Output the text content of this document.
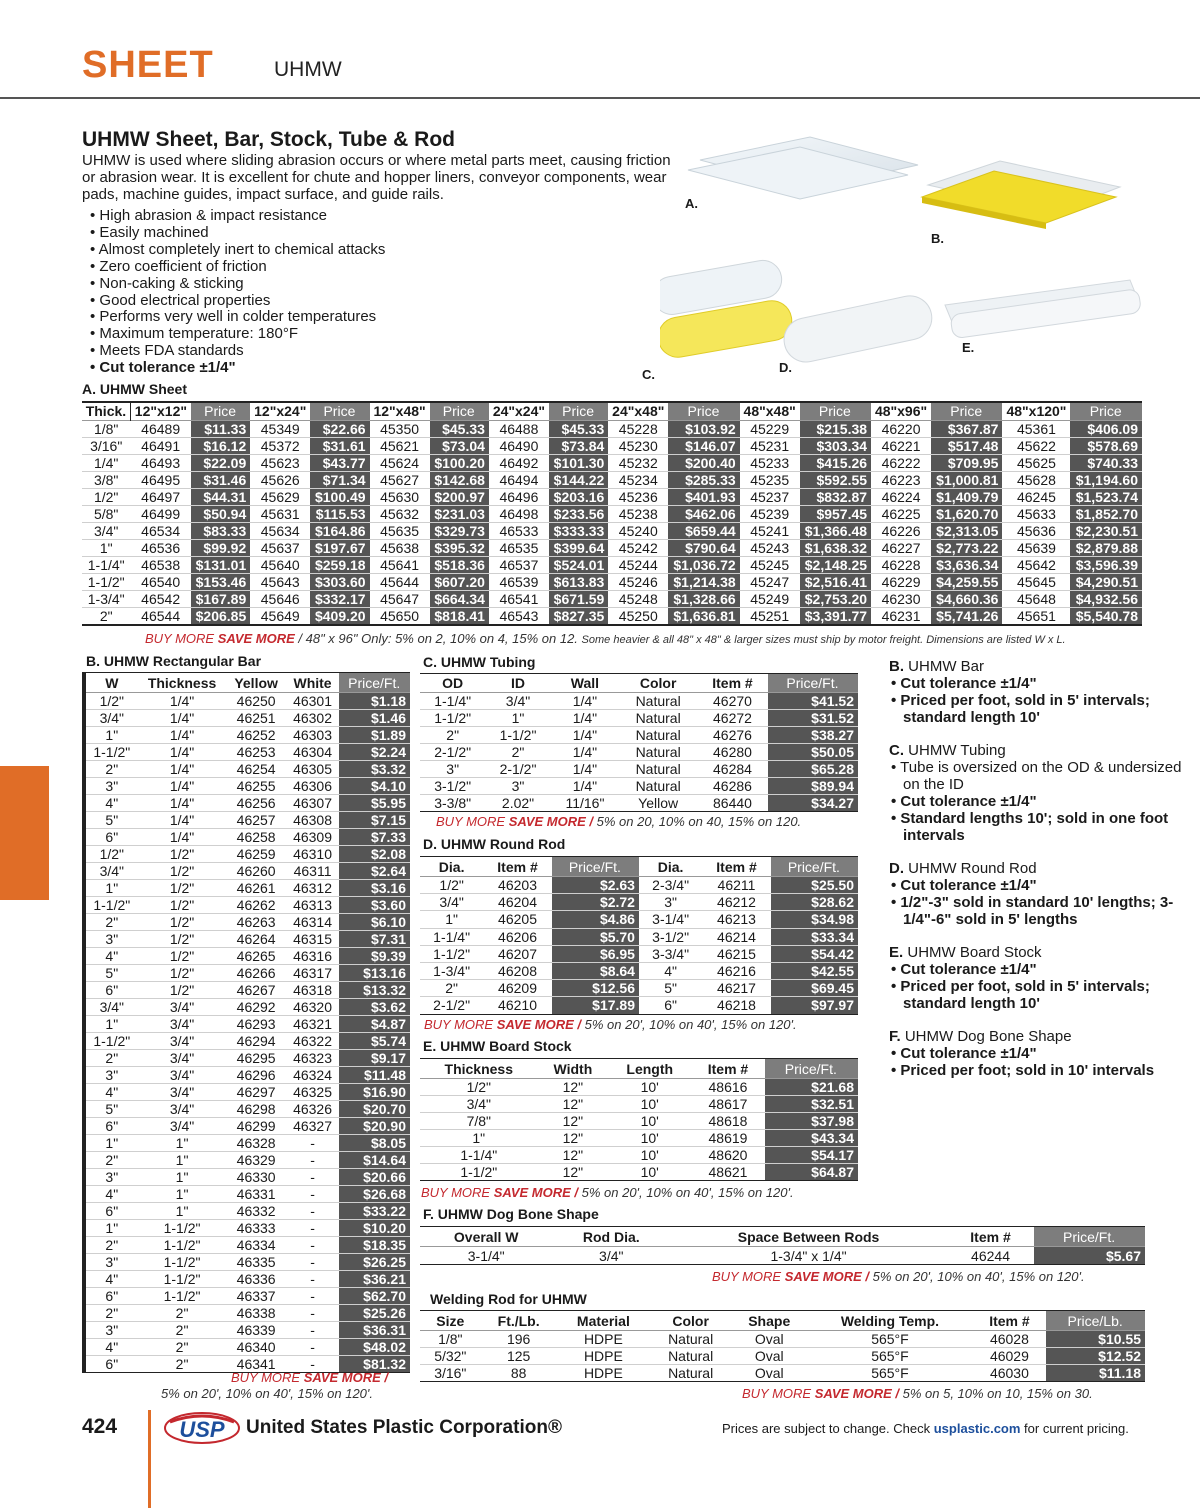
SHEET	UHMW
UHMW Sheet, Bar, Stock, Tube & Rod
UHMW is used where sliding abrasion occurs or where metal parts meet, causing friction or abrasion wear. It is excellent for chute and hopper liners, conveyor components, wear pads, machine guides, impact surface, and guide rails.
• High abrasion & impact resistance
• Easily machined
• Almost completely inert to chemical attacks
• Zero coefficient of friction
• Non-caking & sticking
• Good electrical properties
• Performs very well in colder temperatures
• Maximum temperature: 180°F
• Meets FDA standards
• Cut tolerance ±1/4"
A.
B.
C.	D.
E.
A. UHMW Sheet
Thick.	12"x12"	Price	12"x24"	Price	12"x48"	Price	24"x24"	Price	24"x48"	Price	48"x48"	Price	48"x96"	Price	48"x120"	Price
1/8"	46489	$11.33	45349	$22.66	45350	$45.33	46488	$45.33	45228	$103.92	45229	$215.38	46220	$367.87	45361	$406.09
3/16"	46491	$16.12	45372	$31.61	45621	$73.04	46490	$73.84	45230	$146.07	45231	$303.34	46221	$517.48	45622	$578.69
1/4"	46493	$22.09	45623	$43.77	45624	$100.20	46492	$101.30	45232	$200.40	45233	$415.26	46222	$709.95	45625	$740.33
3/8"	46495	$31.46	45626	$71.34	45627	$142.68	46494	$144.22	45234	$285.33	45235	$592.55	46223	$1,000.81	45628	$1,194.60
1/2"	46497	$44.31	45629	$100.49	45630	$200.97	46496	$203.16	45236	$401.93	45237	$832.87	46224	$1,409.79	46245	$1,523.74
5/8"	46499	$50.94	45631	$115.53	45632	$231.03	46498	$233.56	45238	$462.06	45239	$957.45	46225	$1,620.70	45633	$1,852.70
3/4"	46534	$83.33	45634	$164.86	45635	$329.73	46533	$333.33	45240	$659.44	45241	$1,366.48	46226	$2,313.05	45636	$2,230.51
1"	46536	$99.92	45637	$197.67	45638	$395.32	46535	$399.64	45242	$790.64	45243	$1,638.32	46227	$2,773.22	45639	$2,879.88
1-1/4"	46538	$131.01	45640	$259.18	45641	$518.36	46537	$524.01	45244	$1,036.72	45245	$2,148.25	46228	$3,636.34	45642	$3,596.39
1-1/2"	46540	$153.46	45643	$303.60	45644	$607.20	46539	$613.83	45246	$1,214.38	45247	$2,516.41	46229	$4,259.55	45645	$4,290.51
1-3/4"	46542	$167.89	45646	$332.17	45647	$664.34	46541	$671.59	45248	$1,328.66	45249	$2,753.20	46230	$4,660.36	45648	$4,932.56
2"	46544	$206.85	45649	$409.20	45650	$818.41	46543	$827.35	45250	$1,636.81	45251	$3,391.77	46231	$5,741.26	45651	$5,540.78
BUY MORE SAVE MORE / 48" x 96" Only: 5% on 2, 10% on 4, 15% on 12. Some heavier & all 48" x 48" & larger sizes must ship by motor freight. Dimensions are listed W x L.
B. UHMW Rectangular Bar
W	Thickness	Yellow	White	Price/Ft.
1/2"	1/4"	46250	46301	$1.18
3/4"	1/4"	46251	46302	$1.46
1"	1/4"	46252	46303	$1.89
1-1/2"	1/4"	46253	46304	$2.24
2"	1/4"	46254	46305	$3.32
3"	1/4"	46255	46306	$4.10
4"	1/4"	46256	46307	$5.95
5"	1/4"	46257	46308	$7.15
6"	1/4"	46258	46309	$7.33
1/2"	1/2"	46259	46310	$2.08
3/4"	1/2"	46260	46311	$2.64
1"	1/2"	46261	46312	$3.16
1-1/2"	1/2"	46262	46313	$3.60
2"	1/2"	46263	46314	$6.10
3"	1/2"	46264	46315	$7.31
4"	1/2"	46265	46316	$9.39
5"	1/2"	46266	46317	$13.16
6"	1/2"	46267	46318	$13.32
3/4"	3/4"	46292	46320	$3.62
1"	3/4"	46293	46321	$4.87
1-1/2"	3/4"	46294	46322	$5.74
2"	3/4"	46295	46323	$9.17
3"	3/4"	46296	46324	$11.48
4"	3/4"	46297	46325	$16.90
5"	3/4"	46298	46326	$20.70
6"	3/4"	46299	46327	$20.90
1"	1"	46328	-	$8.05
2"	1"	46329	-	$14.64
3"	1"	46330	-	$20.66
4"	1"	46331	-	$26.68
6"	1"	46332	-	$33.22
1"	1-1/2"	46333	-	$10.20
2"	1-1/2"	46334	-	$18.35
3"	1-1/2"	46335	-	$26.25
4"	1-1/2"	46336	-	$36.21
6"	1-1/2"	46337	-	$62.70
2"	2"	46338	-	$25.26
3"	2"	46339	-	$36.31
4"	2"	46340	-	$48.02
6"	2"	46341	-	$81.32
BUY MORE SAVE MORE /
5% on 20', 10% on 40', 15% on 120'.
C. UHMW Tubing
OD	ID	Wall	Color	Item #	Price/Ft.
1-1/4"	3/4"	1/4"	Natural	46270	$41.52
1-1/2"	1"	1/4"	Natural	46272	$31.52
2"	1-1/2"	1/4"	Natural	46276	$38.27
2-1/2"	2"	1/4"	Natural	46280	$50.05
3"	2-1/2"	1/4"	Natural	46284	$65.28
3-1/2"	3"	1/4"	Natural	46286	$89.94
3-3/8"	2.02"	11/16"	Yellow	86440	$34.27
BUY MORE SAVE MORE / 5% on 20, 10% on 40, 15% on 120.
D. UHMW Round Rod
Dia.	Item #	Price/Ft.	Dia.	Item #	Price/Ft.
1/2"	46203	$2.63	2-3/4"	46211	$25.50
3/4"	46204	$2.72	3"	46212	$28.62
1"	46205	$4.86	3-1/4"	46213	$34.98
1-1/4"	46206	$5.70	3-1/2"	46214	$33.34
1-1/2"	46207	$6.95	3-3/4"	46215	$54.42
1-3/4"	46208	$8.64	4"	46216	$42.55
2"	46209	$12.56	5"	46217	$69.45
2-1/2"	46210	$17.89	6"	46218	$97.97
BUY MORE SAVE MORE / 5% on 20', 10% on 40', 15% on 120'.
E. UHMW Board Stock
Thickness	Width	Length	Item #	Price/Ft.
1/2"	12"	10'	48616	$21.68
3/4"	12"	10'	48617	$32.51
7/8"	12"	10'	48618	$37.98
1"	12"	10'	48619	$43.34
1-1/4"	12"	10'	48620	$54.17
1-1/2"	12"	10'	48621	$64.87
BUY MORE SAVE MORE / 5% on 20', 10% on 40', 15% on 120'.
F. UHMW Dog Bone Shape
Overall W	Rod Dia.	Space Between Rods	Item #	Price/Ft.
3-1/4"	3/4"	1-3/4" x 1/4"	46244	$5.67
BUY MORE SAVE MORE / 5% on 20', 10% on 40', 15% on 120'.
Welding Rod for UHMW
Size	Ft./Lb.	Material	Color	Shape	Welding Temp.	Item #	Price/Lb.
1/8"	196	HDPE	Natural	Oval	565°F	46028	$10.55
5/32"	125	HDPE	Natural	Oval	565°F	46029	$12.52
3/16"	88	HDPE	Natural	Oval	565°F	46030	$11.18
BUY MORE SAVE MORE / 5% on 5, 10% on 10, 15% on 30.
B. UHMW Bar
• Cut tolerance ±1/4"
• Priced per foot, sold in 5' intervals; standard length 10'
C. UHMW Tubing
• Tube is oversized on the OD & undersized on the ID
• Cut tolerance ±1/4"
• Standard lengths 10'; sold in one foot intervals
D. UHMW Round Rod
• Cut tolerance ±1/4"
• 1/2"-3" sold in standard 10' lengths; 3-1/4"-6" sold in 5' lengths
E. UHMW Board Stock
• Cut tolerance ±1/4"
• Priced per foot, sold in 5' intervals; standard length 10'
F. UHMW Dog Bone Shape
• Cut tolerance ±1/4"
• Priced per foot; sold in 10' intervals
424	USP United States Plastic Corporation®	Prices are subject to change. Check usplastic.com for current pricing.
